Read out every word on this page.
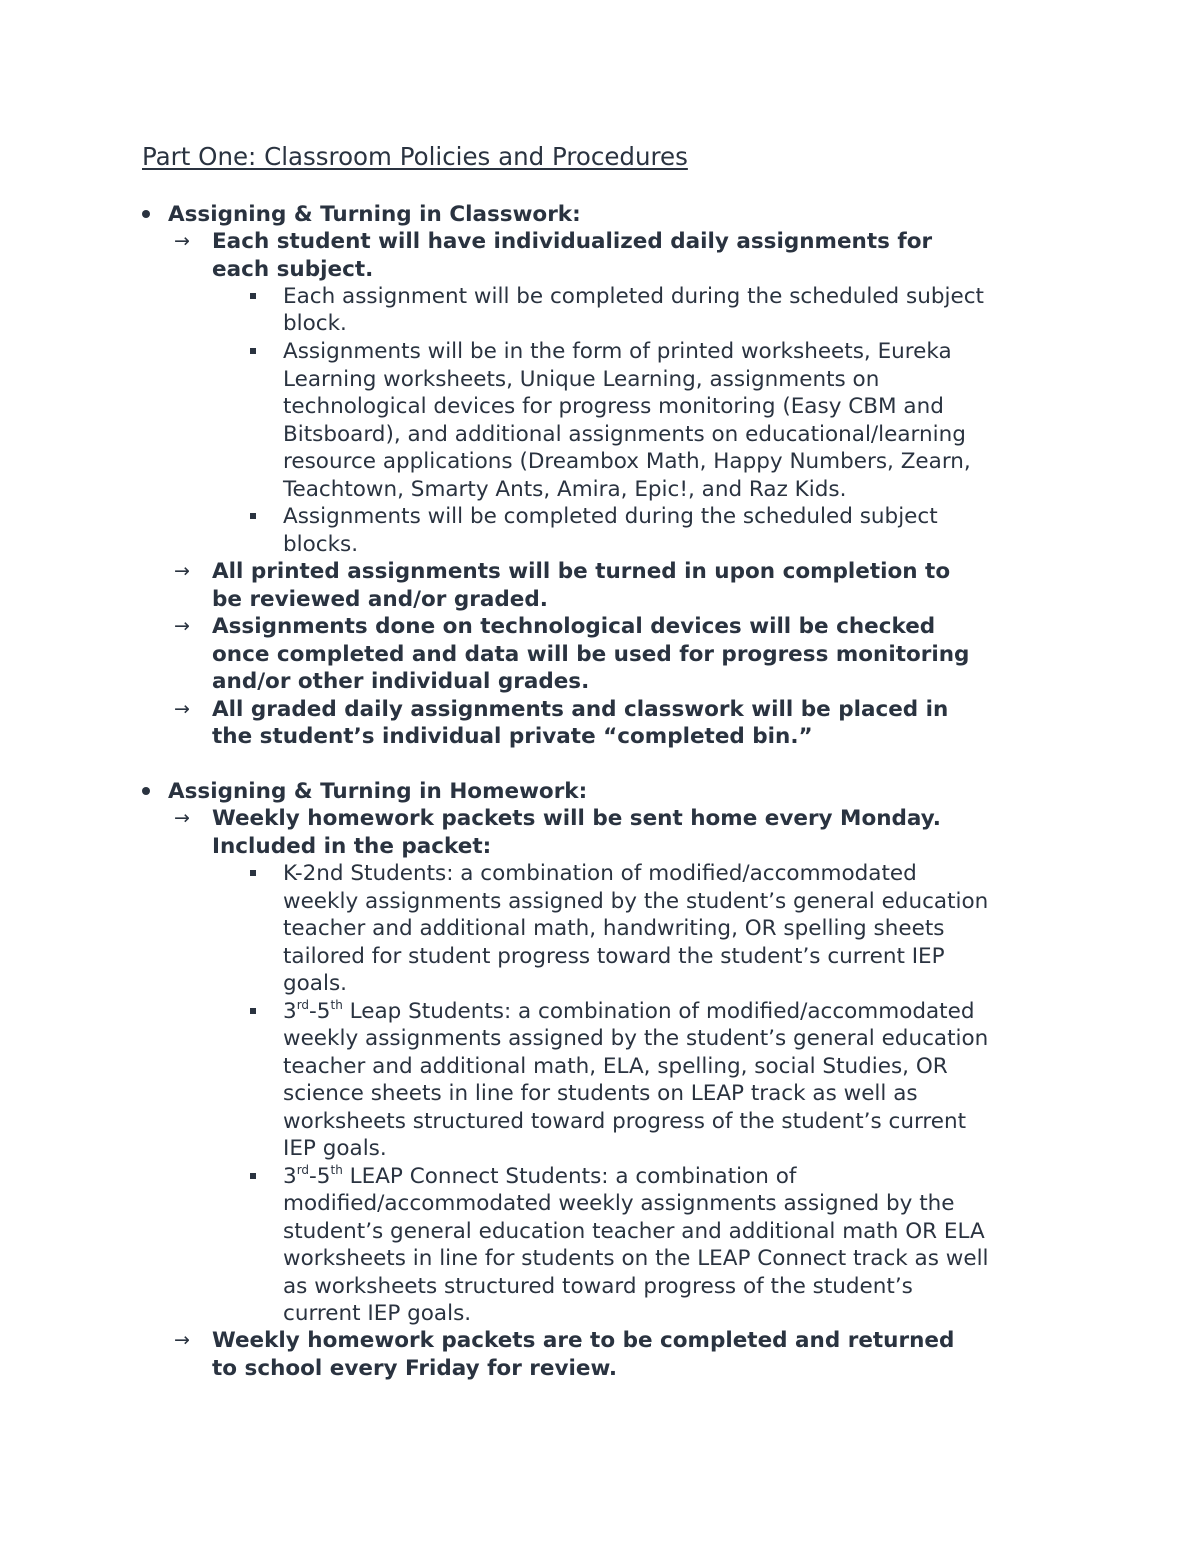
Part One: Classroom Policies and Procedures
Assigning & Turning in Classwork:
→ Each student will have individualized daily assignments for
each subject.
Each assignment will be completed during the scheduled subject
block.
Assignments will be in the form of printed worksheets, Eureka
Learning worksheets, Unique Learning, assignments on
technological devices for progress monitoring (Easy CBM and
Bitsboard), and additional assignments on educational/learning
resource applications (Dreambox Math, Happy Numbers, Zearn,
Teachtown, Smarty Ants, Amira, Epic!, and Raz Kids.
Assignments will be completed during the scheduled subject
blocks.
→ All printed assignments will be turned in upon completion to
be reviewed and/or graded.
→ Assignments done on technological devices will be checked
once completed and data will be used for progress monitoring
and/or other individual grades.
→ All graded daily assignments and classwork will be placed in
the student’s individual private “completed bin.”
Assigning & Turning in Homework:
→ Weekly homework packets will be sent home every Monday.
Included in the packet:
K-2nd Students: a combination of modified/accommodated
weekly assignments assigned by the student’s general education
teacher and additional math, handwriting, OR spelling sheets
tailored for student progress toward the student’s current IEP
goals.
3rd-5th Leap Students: a combination of modified/accommodated
weekly assignments assigned by the student’s general education
teacher and additional math, ELA, spelling, social Studies, OR
science sheets in line for students on LEAP track as well as
worksheets structured toward progress of the student’s current
IEP goals.
3rd-5th LEAP Connect Students: a combination of
modified/accommodated weekly assignments assigned by the
student’s general education teacher and additional math OR ELA
worksheets in line for students on the LEAP Connect track as well
as worksheets structured toward progress of the student’s
current IEP goals.
→ Weekly homework packets are to be completed and returned
to school every Friday for review.
